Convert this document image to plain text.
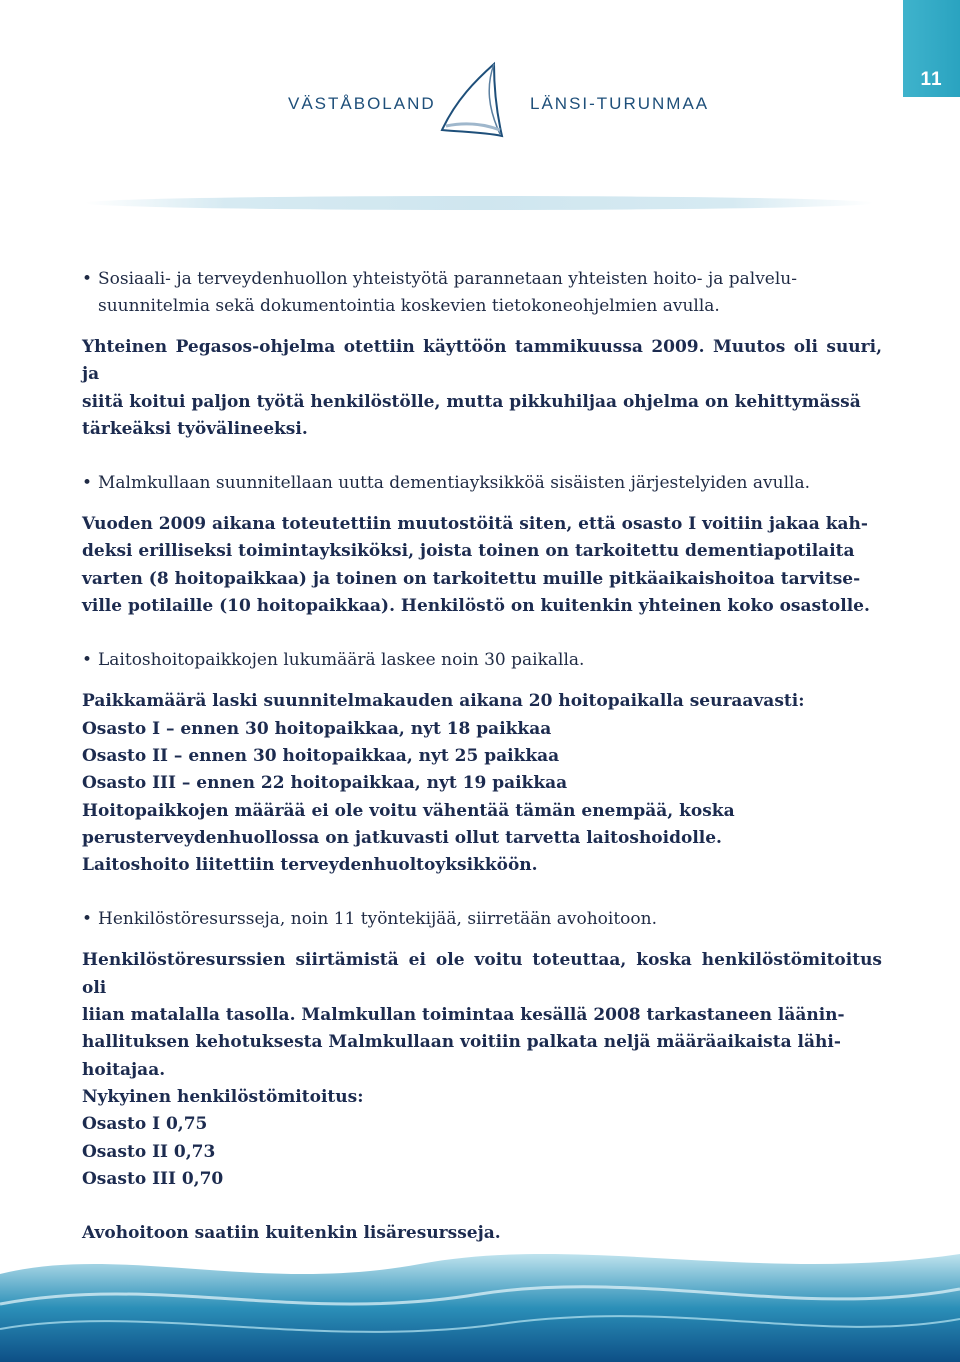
11
VÄSTÅBOLAND	LÄNSI-TURUNMAA

• Sosiaali- ja terveydenhuollon yhteistyötä parannetaan yhteisten hoito- ja palvelu-

suunnitelmia sekä dokumentointia koskevien tietokoneohjelmien avulla.

Yhteinen Pegasos-ohjelma otettiin käyttöön tammikuussa 2009. Muutos oli suuri, ja
siitä koitui paljon työtä henkilöstölle, mutta pikkuhiljaa ohjelma on kehittymässä
tärkeäksi työvälineeksi.

• Malmkullaan suunnitellaan uutta dementiayksikköä sisäisten järjestelyiden avulla.

Vuoden 2009 aikana toteutettiin muutostöitä siten, että osasto I voitiin jakaa kah-
deksi erilliseksi toimintayksiköksi, joista toinen on tarkoitettu dementiapotilaita
varten (8 hoitopaikkaa) ja toinen on tarkoitettu muille pitkäaikaishoitoa tarvitse-
ville potilaille (10 hoitopaikkaa). Henkilöstö on kuitenkin yhteinen koko osastolle.

• Laitoshoitopaikkojen lukumäärä laskee noin 30 paikalla.

Paikkamäärä laski suunnitelmakauden aikana 20 hoitopaikalla seuraavasti:
Osasto I – ennen 30 hoitopaikkaa, nyt 18 paikkaa
Osasto II – ennen 30 hoitopaikkaa, nyt 25 paikkaa
Osasto III – ennen 22 hoitopaikkaa, nyt 19 paikkaa
Hoitopaikkojen määrää ei ole voitu vähentää tämän enempää, koska
perusterveydenhuollossa on jatkuvasti ollut tarvetta laitoshoidolle.
Laitoshoito liitettiin terveydenhuoltoyksikköön.

• Henkilöstöresursseja, noin 11 työntekijää, siirretään avohoitoon.

Henkilöstöresurssien siirtämistä ei ole voitu toteuttaa, koska henkilöstömitoitus oli
liian matalalla tasolla. Malmkullan toimintaa kesällä 2008 tarkastaneen läänin-
hallituksen kehotuksesta Malmkullaan voitiin palkata neljä määräaikaista lähi-
hoitajaa.
Nykyinen henkilöstömitoitus:
Osasto I 0,75
Osasto II 0,73
Osasto III 0,70

Avohoitoon saatiin kuitenkin lisäresursseja.
